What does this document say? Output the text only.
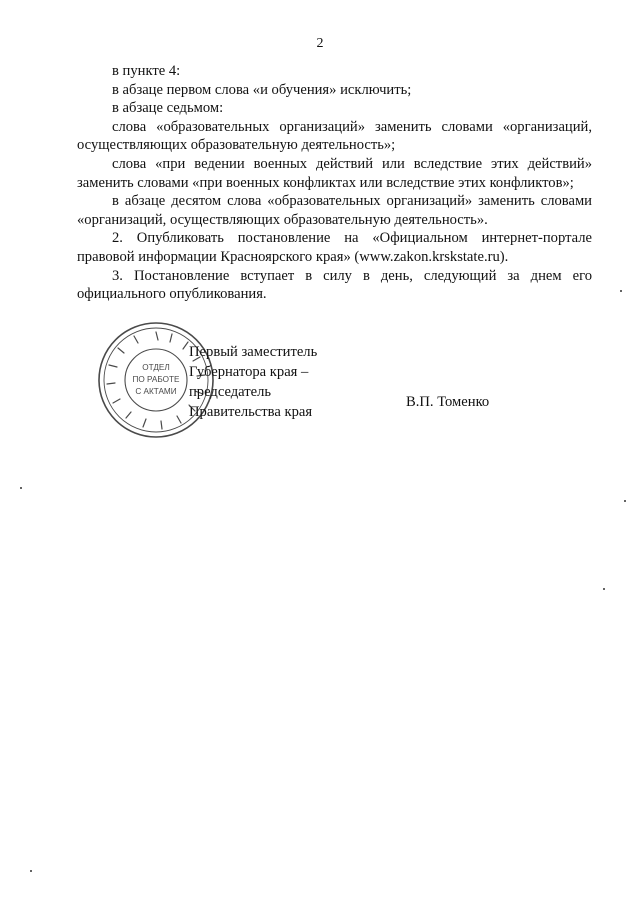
2

в пункте 4:

в абзаце первом слова «и обучения» исключить;

в абзаце седьмом:

слова «образовательных организаций» заменить словами «организаций, осуществляющих образовательную деятельность»;

слова «при ведении военных действий или вследствие этих действий» заменить словами «при военных конфликтах или вследствие этих конфликтов»;

в абзаце десятом слова «образовательных организаций» заменить словами «организаций, осуществляющих образовательную деятельность».

2. Опубликовать постановление на «Официальном интернет-портале правовой информации Красноярского края» (www.zakon.krskstate.ru).

3. Постановление вступает в силу в день, следующий за днем его официального опубликования.

ОТДЕЛ
ПО РАБОТЕ
С АКТАМИ
Первый заместитель
Губернатора края –
председатель
Правительства края
В.П. Томенко
